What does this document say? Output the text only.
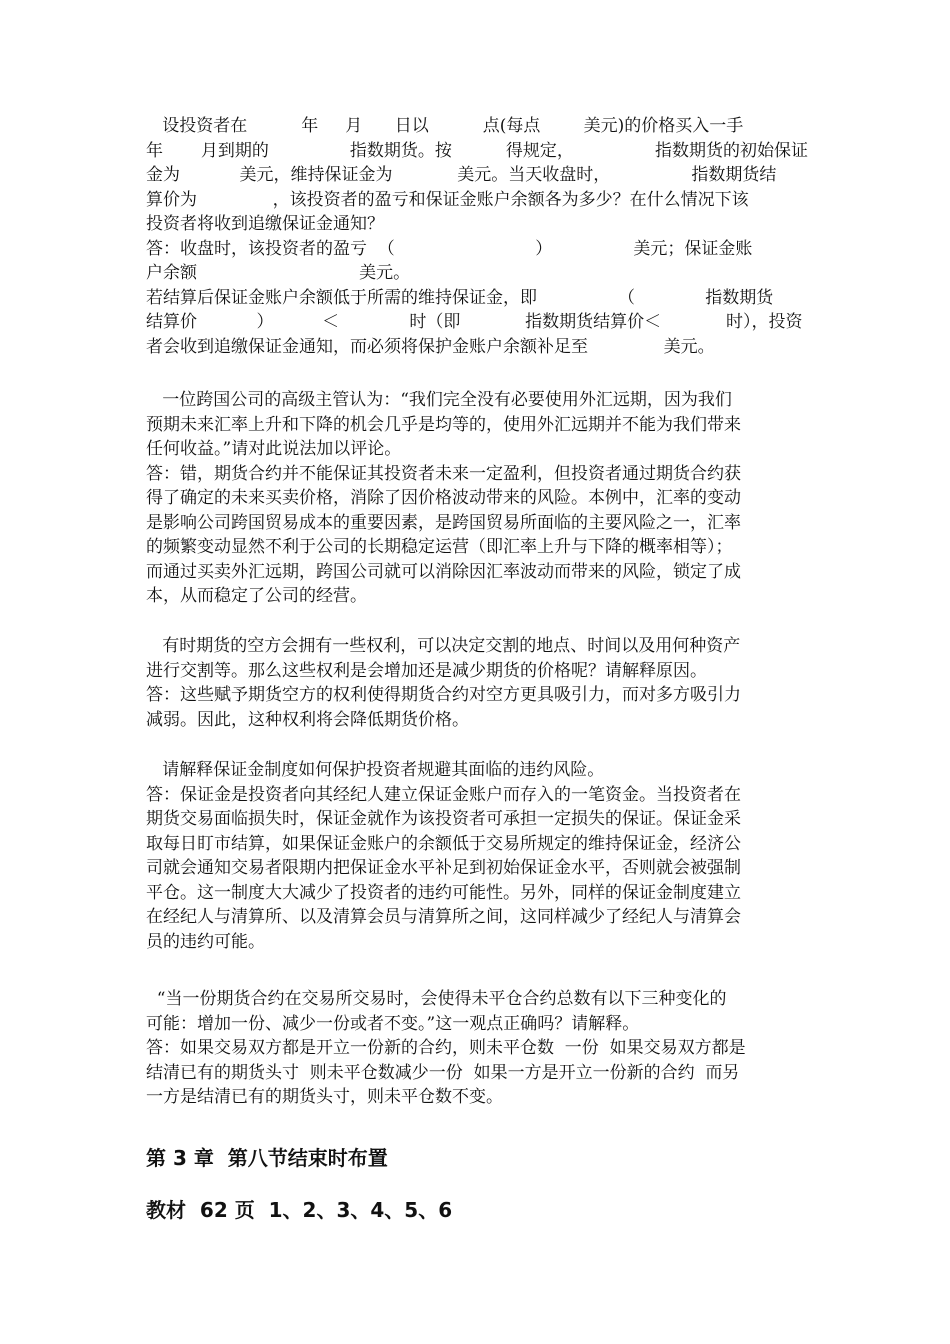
设投资者在          年     月      日以          点(每点        美元)的价格买入一手
年       月到期的               指数期货。按          得规定，               指数期货的初始保证
金为           美元，维持保证金为            美元。当天收盘时，               指数期货结
算价为              ，该投资者的盈亏和保证金账户余额各为多少？在什么情况下该
投资者将收到追缴保证金通知？
答：收盘时，该投资者的盈亏  （                          ）               美元；保证金账
户余额                              美元。
若结算后保证金账户余额低于所需的维持保证金，即               （             指数期货
结算价           ）         ＜             时（即            指数期货结算价＜            时），投资
者会收到追缴保证金通知，而必须将保护金账户余额补足至              美元。
一位跨国公司的高级主管认为：“我们完全没有必要使用外汇远期，因为我们
预期未来汇率上升和下降的机会几乎是均等的，使用外汇远期并不能为我们带来
任何收益。”请对此说法加以评论。
答：错，期货合约并不能保证其投资者未来一定盈利，但投资者通过期货合约获
得了确定的未来买卖价格，消除了因价格波动带来的风险。本例中，汇率的变动
是影响公司跨国贸易成本的重要因素，是跨国贸易所面临的主要风险之一，汇率
的频繁变动显然不利于公司的长期稳定运营（即汇率上升与下降的概率相等）；
而通过买卖外汇远期，跨国公司就可以消除因汇率波动而带来的风险，锁定了成
本，从而稳定了公司的经营。
有时期货的空方会拥有一些权利，可以决定交割的地点、时间以及用何种资产
进行交割等。那么这些权利是会增加还是减少期货的价格呢？请解释原因。
答：这些赋予期货空方的权利使得期货合约对空方更具吸引力，而对多方吸引力
减弱。因此，这种权利将会降低期货价格。
请解释保证金制度如何保护投资者规避其面临的违约风险。
答：保证金是投资者向其经纪人建立保证金账户而存入的一笔资金。当投资者在
期货交易面临损失时，保证金就作为该投资者可承担一定损失的保证。保证金采
取每日盯市结算，如果保证金账户的余额低于交易所规定的维持保证金，经济公
司就会通知交易者限期内把保证金水平补足到初始保证金水平，否则就会被强制
平仓。这一制度大大减少了投资者的违约可能性。另外，同样的保证金制度建立
在经纪人与清算所、以及清算会员与清算所之间，这同样减少了经纪人与清算会
员的违约可能。
“当一份期货合约在交易所交易时，会使得未平仓合约总数有以下三种变化的
可能：增加一份、减少一份或者不变。”这一观点正确吗？请解释。
答：如果交易双方都是开立一份新的合约，则未平仓数  一份  如果交易双方都是
结清已有的期货头寸  则未平仓数减少一份  如果一方是开立一份新的合约  而另
一方是结清已有的期货头寸，则未平仓数不变。
第 3 章  第八节结束时布置
教材  62 页  1、2、3、4、5、6
